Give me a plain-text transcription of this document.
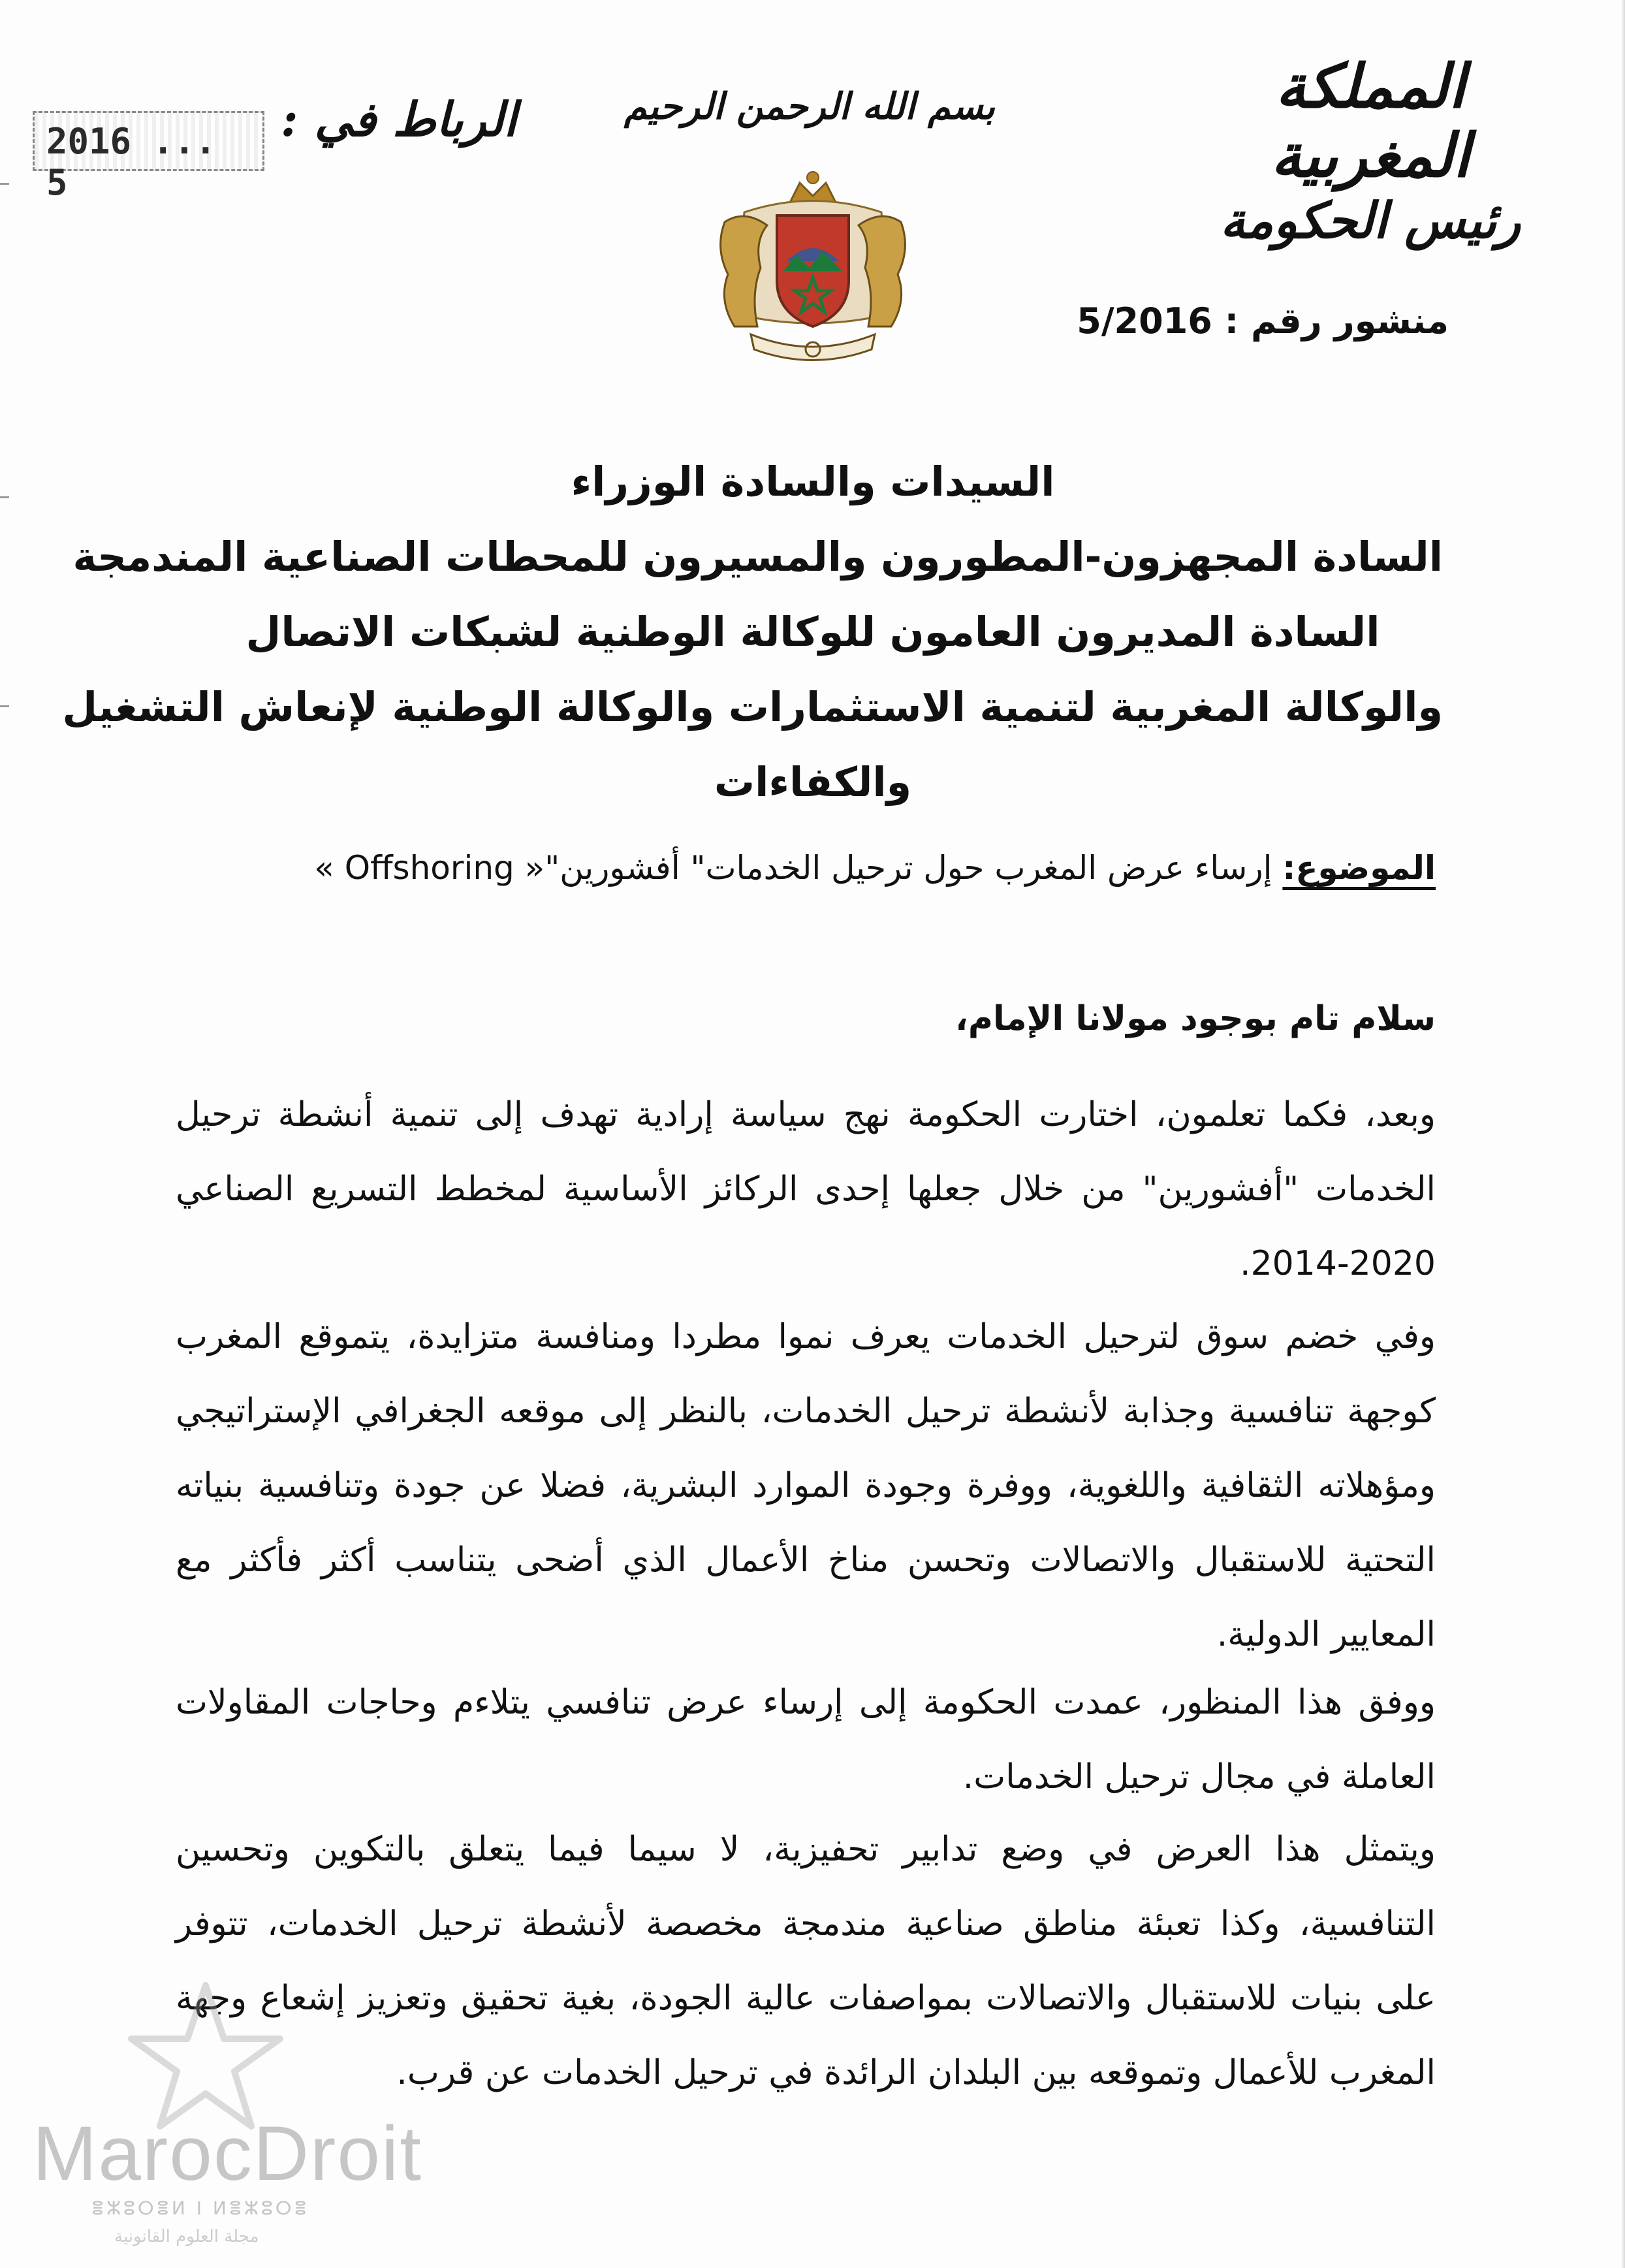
المملكة المغربية
رئيس الحكومة
بسم الله الرحمن الرحيم
الرباط في :
2016 ... 5
منشور رقم : 5/2016
السيدات والسادة الوزراء
السادة المجهزون-المطورون والمسيرون للمحطات الصناعية المندمجة
السادة المديرون العامون للوكالة الوطنية لشبكات الاتصال
والوكالة المغربية لتنمية الاستثمارات والوكالة الوطنية لإنعاش التشغيل
والكفاءات
الموضوع: إرساء عرض المغرب حول ترحيل الخدمات" أفشورين"« Offshoring »
سلام تام بوجود مولانا الإمام،
وبعد، فكما تعلمون، اختارت الحكومة نهج سياسة إرادية تهدف إلى تنمية أنشطة ترحيل
الخدمات "أفشورين" من خلال جعلها إحدى الركائز الأساسية لمخطط التسريع الصناعي
2014-2020.
وفي خضم سوق لترحيل الخدمات يعرف نموا مطردا ومنافسة متزايدة، يتموقع المغرب
كوجهة تنافسية وجذابة لأنشطة ترحيل الخدمات، بالنظر إلى موقعه الجغرافي الإستراتيجي
ومؤهلاته الثقافية واللغوية، ووفرة وجودة الموارد البشرية، فضلا عن جودة وتنافسية بنياته
التحتية للاستقبال والاتصالات وتحسن مناخ الأعمال الذي أضحى يتناسب أكثر فأكثر مع
المعايير الدولية.
ووفق هذا المنظور، عمدت الحكومة إلى إرساء عرض تنافسي يتلاءم وحاجات المقاولات
العاملة في مجال ترحيل الخدمات.
ويتمثل هذا العرض في وضع تدابير تحفيزية، لا سيما فيما يتعلق بالتكوين وتحسين
التنافسية، وكذا تعبئة مناطق صناعية مندمجة مخصصة لأنشطة ترحيل الخدمات، تتوفر
على بنيات للاستقبال والاتصالات بمواصفات عالية الجودة، بغية تحقيق وتعزيز إشعاع وجهة
المغرب للأعمال وتموقعه بين البلدان الرائدة في ترحيل الخدمات عن قرب.
MarocDroit
ⴻⵣⵓⵔⴻⵍ I ⵍⴻⵣⵓⵔⴻ
مجلة العلوم القانونية
